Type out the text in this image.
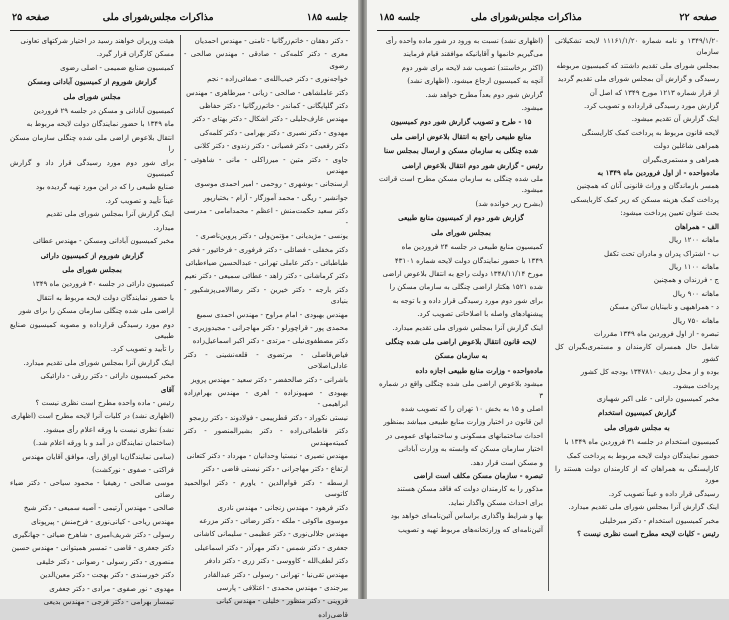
جلسه ۱۸۵
مذاکرات مجلس‌شورای ملی
صفحه ۲۵

- دکتر دهقان - خاتم‌زرگانیا - ثامنی - مهندس احمدیان

معری - دکتر کلمه‌کی - صادقی - مهندس صالحی - رضوی

خواجه‌نوری - دکتر خیب‌الله‌ی - صفائی‌زاده - نجم

دکتر عاملشاهی - صالحی - زیانی - میرطاهری - مهندس

دکتر گلپایگانی - کماندر - خاتم‌زرگانیا - دکتر حفاظی

مهندس عارف‌جلیلی - دکتر اشکا‌ل - دکتر بهتای - دکتر

مهدوی - دکتر نصیری - دکتر بهرامی - دکتر کلمه‌کی

دکتر رفعیی - دکتر فصیانی - دکتر زندوی - دکتر کلانی

جاوی - دکتر متین - میرزاکلی - مانی - شاهوئی - مهندس

ارسنجانی - بوشهری - روحمی - امیر احمدی موسوی

جوانشیر - ریگی - محمد آموزگار - آرام - بختیارپور

دکتر سعید حکمت‌منش - اعظم - محمدامامی - مدرسی -

یونسی - مژیدیانی - مؤتمن‌ولی - دکتر پروین‌ناصری -

دکتر مخفلی - فضائلی - دکتر فرفوری - فرخائیور - فخر

طباطبائی - دکتر عاملی تهرانی - عبدالحسین ضیاءطبائی

دکتر کرماشانی - دکتر زاهد - عطائی سمیعی - دکتر نعیم

دکتر بارجه - دکتر خیرین - دکتر رضا‌الامی‌پزشکیور - بنیادی

مهندس بهبودی - امام مراوح - مهندس احمدی سمیع

محمدی پور - قراچورلو - دکتر مهاجرانی - مجیدوزیری -

دکتر مصطفوی‌نیلی - مرتدی - دکتر اکبر اسماعیل‌زاده

فیاض‌فاضلی - مرتضوی - قلعه‌نشینی - دکتر عادلی‌اصلاحی

باشرانی - دکتر صالحفضر - دکتر سعید - مهندس پرویز

بهبودی - صهیونزاده - اهری - مهندس بهرام‌زاده ابراهیمی -

نیستی نکوراد - دکتر قطرپیمی - فولادوند - دکتر رزمجو

دکتر فاطمائی‌زاده - دکتر بشیرالمنصور - دکتر کمیته‌مهندس

مهندس نصیری - نیستیا وحدانیان - مهرداد - دکتر کتعانی

ارتفاع - دکتر مهاجرانی - دکتر نیستی قاضی - دکتر

ارسطه - دکتر قوام‌الدین - یاورم - دکتر ابوالحمید کاتوسی

دکتر فرهود - مهندس زنجانی - مهندس نادری

موسوی ماکوئی - ملکه - دکتر رضائی - دکتر مزرعه

مهندس جلالی‌نوری - دکتر عظیمی - سلیمانی کاشانی

جعفری - دکتر شمس - دکتر مهرآذر - دکتر اسماعیلی

دکتر لطف‌الله - کاووسی - دکتر زری - دکتر دادفر

مهندس تقی‌نیا - تهرانی - رسولی - دکتر عبدالقادر

بیرجندی - مهندس محمدی - اعتلافی - پارسی

قزوینی - دکتر منظور - خلیلی - مهندس کیانی

قاضی‌زاده

هیئت وزیران خواهند رسید در اختیار شرکتهای تعاونی

مسکن کارگران قرار گیرد.

کمیسیون صنایع ضمیمی - اصلی رضوی

گزارش شوروم از کمیسیون آبادانی ومسکن

مجلس شورای ملی

کمیسیون آبادانی و مسکن در جلسه ۲۹ فروردین

ماه ۱۳۴۹ با حضور نمایندگان دولت لایحه مربوط به

انتقال بلاعوض اراضی ملی شده چنگلی سازمان مسکن را

برای شور دوم مورد رسیدگی قرار داد و گزارش کمیسیون

صنایع طبیعی را که در این مورد تهیه گردیده بود

عیناً تأیید و تصویب کرد.

اینک گزارش آنرا بمجلس شورای ملی تقدیم

میدارد.

مخبر کمیسیون آبادانی ومسکن - مهندس عطائی

گزارش شوروم از کمیسیون دارائی

بمجلس شورای ملی

کمیسیون دارائی در جلسه ۳۰ فروردین ماه ۱۳۴۹

با حضور نمایندگان دولت لایحه مربوط به انتقال

اراضی ملی شده چنگلی سازمان مسکن را برای شور

دوم مورد رسیدگی قرارداده و مصوبه کمیسیون صنایع طبیعی

را تأیید و تصویب کرد.

اینک گزارش آنرا بمجلس شورای ملی تقدیم میدارد.

مخبر کمیسیون دارائی - دکتر رزقی - دارائیکی

آقای

رئیس - ماده واحده مطرح است نظری نیست ؟

(اظهاری نشد) در کلیات آنرا لایحه مطرح است (اظهاری

نشد) نظری نیست با ورقه اعلام رأی میشود.

(ساختمان نمایندگان در آمد و با ورقه اعلام شد.)

(سامی نمایندگان‌با اوراق رأی، موافق آقایان مهندس

فراکتی - صفوی - نورکشت)

موسی صالحی - رهیفیا - محمود سیاحی - دکتر ضیاء رضائی

صالحی - مهندس آرتیمی - آصیه سمیعی - دکتر شیخ

مهندس ریاحی - کیانی‌نوری - فرخ‌منش - پیرپونای

رسولی - دکتر شریف‌امیری - شاهرخ ضیائی - جهانگیری

دکتر جعفری - قاضی - تمسیر همیتوانی - مهندس حسین

منصوری - دکتر رسولی - رضوانی - دکتر خلیقی

دکتر خورسندی - دکتر بهجت - دکتر معین‌الدین

مهدوی - نور صفوی - مرادی - دکتر جعفری

تیمسار بهرامی - دکتر فرجی - مهندس بدیعی

صفحه ۲۲
مذاکرات مجلس‌شورای ملی
جلسه ۱۸۵

۱۳۴۹/۱/۲۰ و نامه شماره ۱۱۱۶۱/۱/۲۰ لایحه تشکیلاتی سازمان

بمجلس شورای ملی تقدیم داشتند که کمیسیون مربوطه

رسیدگی و گزارش آن بمجلس شورای ملی تقدیم گردید

از قرار شماره ۱۲۱۳ مورخ ۱۳۴۹ که اصل آن

گزارش مورد رسیدگی قرارداده و تصویب کرد.

اینک گزارش آن تقدیم میشود.

لایحه قانون مربوط به پرداخت کمک کارایسنگی

همراهی شاغلین دولت

همراهی و مستمری‌بگیران

ماده‌واحده - از اول فروردین ماه ۱۳۴۹ به

همسر بازماندگان و وراث قانونی آنان که همچنین

پرداخت کمک هزینه مسکن که زیر کمک کاربایسکی

بحث عنوان تعیین پرداخت میشود:

الف - همراهان

ماهانه ۱۲۰۰ ریال

ب - اشتراک پدران و مادران تحت تکفل

ماهانه ۱۱۰۰ ریال

ج - فرزندان و همچنین

ماهانه ۹۰۰ ریال

د - همراهیهی و نابینایان ساکن مسکن

ماهانه ۷۵۰ ریال

تبصره - از اول فروردین ماه ۱۳۴۹ مقررات

شامل حال همسران کارمندان و مستمری‌بگیران کل کشور

بوده و از محل ردیف ۱۳۴۷۸۱۰ بودجه کل کشور

پرداخت میشود.

مخبر کمیسیون دارائی - علی اکبر شهبازی

گزارش کمیسیون استخدام

به مجلس شورای ملی

کمیسیون استخدام در جلسه ۳۱ فروردین ماه ۱۳۴۹ با

حضور نمایندگان دولت لایحه مربوط به پرداخت کمک

کارایسنگی به همراهان که از کارمندان دولت هستند را مورد

رسیدگی قرار داده و عیناً تصویب کرد.

اینک گزارش آنرا بمجلس شورای ملی تقدیم میدارد.

مخبر کمیسیون استخدام - دکتر میرخلیلی

رئیس - کلیات لایحه مطرح است نظری نیست ؟

(اظهاری نشد) نسبت به ورود در شور ماده واحده رأی

می‌گیریم خانمها و آقایانیکه موافقند قیام فرمایند

(اکثر برخاستند) تصویب شد لایحه برای شور دوم

آنچه به کمیسیون ارجاع میشود. (اظهاری نشد)

گزارش شور دوم بعداً مطرح خواهد شد.

میشود.

۱۵ - طرح و تصویب گزارش شور دوم کمیسیون

منابع طبیعی راجع به انتقال بلاعوض اراضی ملی

شده چنگلی به سازمان مسکن و ارسال بمجلس سنا

رئیس - گزارش شور دوم انتقال بلاعوض اراضی

ملی شده چنگلی به سازمان مسکن مطرح است قرائت میشود.

(بشرح زیر خوانده شد)

گزارش شور دوم از کمیسیون منابع طبیعی

بمجلس شورای ملی

کمیسیون منابع طبیعی در جلسه ۲۴ فروردین ماه

۱۳۴۹ با حضور نمایندگان دولت لایحه شماره ۴۳۱۰۱

مورخ ۱۳۴۸/۱۱/۱۴ دولت راجع به انتقال بلاعوض اراضی

شده ۱۵۲۱ هکتار اراضی چنگلی به سازمان مسکن را

برای شور دوم مورد رسیدگی قرار داده و با توجه به

پیشنهادهای واصله با اصلاحاتی تصویب کرد.

اینک گزارش آنرا بمجلس شورای ملی تقدیم میدارد.

لایحه قانون انتقال بلاعوض اراضی ملی شده چنگلی

به سازمان مسکن

ماده‌واحده - وزارت منابع طبیعی اجازه داده

میشود بلاعوض اراضی ملی شده چنگلی واقع در شماره ۳

اصلی و ۱۵ به بخش ۱۰ تهران را که تصویب شده

این قانون در اختیار وزارت منابع طبیعی میباشد بمنظور

احداث ساختمانهای مسکونی و ساختمانهای عمومی در

اختیار سازمان مسکن که وابسته به وزارت آبادانی

و مسکن است قرار دهد.

تبصره - سازمان مسکن مکلف است اراضی

مذکور را به کارمندان دولت که فاقد مسکن هستند

برای احداث مسکن واگذار نماید.

بها و شرایط واگذاری براساس آئین‌نامه‌ای خواهد بود

آئین‌نامه‌ای که وزارتخانه‌های مربوط تهیه و تصویب
